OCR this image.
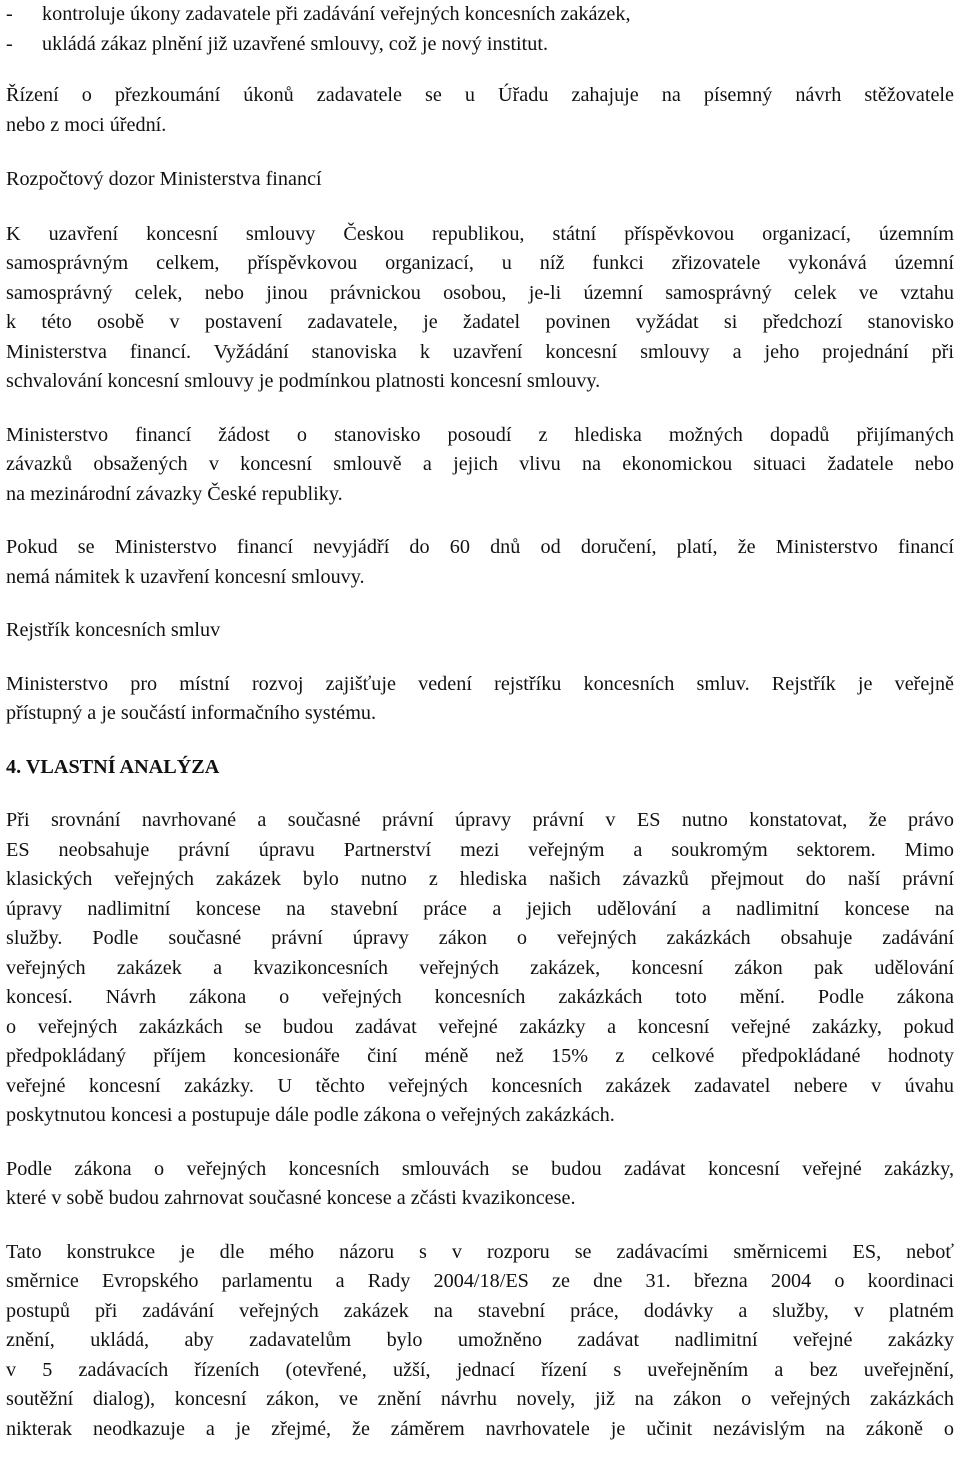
-	kontroluje úkony zadavatele při zadávání veřejných koncesních zakázek,
-	ukládá zákaz plnění již uzavřené smlouvy, což je nový institut.
Řízení o přezkoumání úkonů zadavatele se u Úřadu zahajuje na písemný návrh stěžovatele
nebo z moci úřední.
Rozpočtový dozor Ministerstva financí
K uzavření koncesní smlouvy Českou republikou, státní příspěvkovou organizací, územním
samosprávným celkem, příspěvkovou organizací, u níž funkci zřizovatele vykonává územní
samosprávný celek, nebo jinou právnickou osobou, je-li územní samosprávný celek ve vztahu
k této osobě v postavení zadavatele, je žadatel povinen vyžádat si předchozí stanovisko
Ministerstva financí. Vyžádání stanoviska k uzavření koncesní smlouvy a jeho projednání při
schvalování koncesní smlouvy je podmínkou platnosti koncesní smlouvy.
Ministerstvo financí žádost o stanovisko posoudí z hlediska možných dopadů přijímaných
závazků obsažených v koncesní smlouvě a jejich vlivu na ekonomickou situaci žadatele nebo
na mezinárodní závazky České republiky.
Pokud se Ministerstvo financí nevyjádří do 60 dnů od doručení, platí, že Ministerstvo financí
nemá námitek k uzavření koncesní smlouvy.
Rejstřík koncesních smluv
Ministerstvo pro místní rozvoj zajišťuje vedení rejstříku koncesních smluv. Rejstřík je veřejně
přístupný a je součástí informačního systému.
4. VLASTNÍ ANALÝZA
Při srovnání navrhované a současné právní úpravy právní v ES nutno konstatovat, že právo
ES neobsahuje právní úpravu Partnerství mezi veřejným a soukromým sektorem. Mimo
klasických veřejných zakázek bylo nutno z hlediska našich závazků přejmout do naší právní
úpravy nadlimitní koncese na stavební práce a jejich udělování a nadlimitní koncese na
služby. Podle současné právní úpravy zákon o veřejných zakázkách obsahuje zadávání
veřejných zakázek a kvazikoncesních veřejných zakázek, koncesní zákon pak udělování
koncesí. Návrh zákona o veřejných koncesních zakázkách toto mění. Podle zákona
o veřejných zakázkách se budou zadávat veřejné zakázky a koncesní veřejné zakázky, pokud
předpokládaný příjem koncesionáře činí méně než 15% z celkové předpokládané hodnoty
veřejné koncesní zakázky. U těchto veřejných koncesních zakázek zadavatel nebere v úvahu
poskytnutou koncesi a postupuje dále podle zákona o veřejných zakázkách.
Podle zákona o veřejných koncesních smlouvách se budou zadávat koncesní veřejné zakázky,
které v sobě budou zahrnovat současné koncese a zčásti kvazikoncese.
Tato konstrukce je dle mého názoru s v rozporu se zadávacími směrnicemi ES, neboť
směrnice Evropského parlamentu a Rady 2004/18/ES ze dne 31. března 2004 o koordinaci
postupů při zadávání veřejných zakázek na stavební práce, dodávky a služby, v platném
znění, ukládá, aby zadavatelům bylo umožněno zadávat nadlimitní veřejné zakázky
v 5 zadávacích řízeních (otevřené, užší, jednací řízení s uveřejněním a bez uveřejnění,
soutěžní dialog), koncesní zákon, ve znění návrhu novely, již na zákon o veřejných zakázkách
nikterak neodkazuje a je zřejmé, že záměrem navrhovatele je učinit nezávislým na zákoně o
